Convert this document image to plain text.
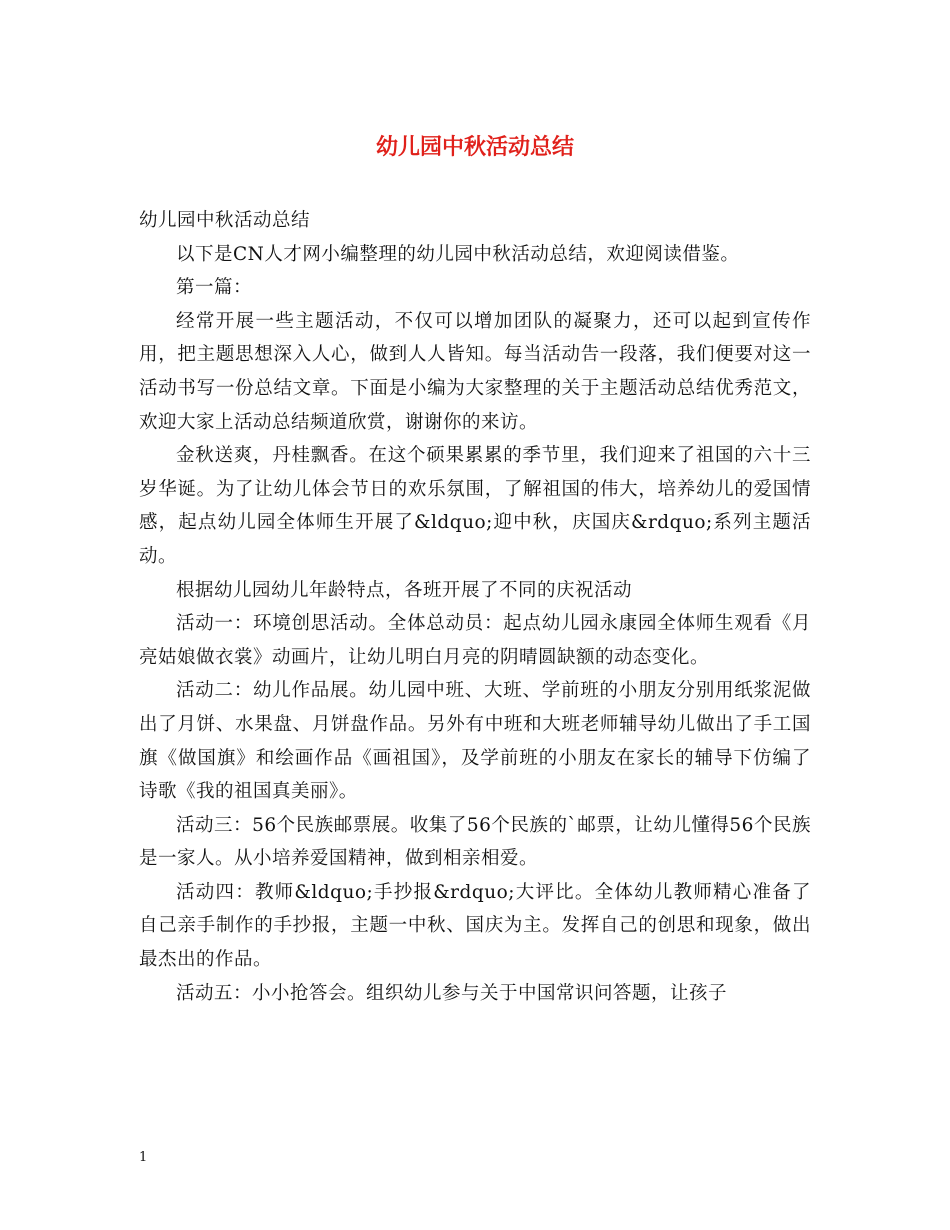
幼儿园中秋活动总结

幼儿园中秋活动总结

以下是CN人才网小编整理的幼儿园中秋活动总结，欢迎阅读借鉴。

第一篇：

经常开展一些主题活动，不仅可以增加团队的凝聚力，还可以起到宣传作用，把主题思想深入人心，做到人人皆知。每当活动告一段落，我们便要对这一活动书写一份总结文章。下面是小编为大家整理的关于主题活动总结优秀范文，欢迎大家上活动总结频道欣赏，谢谢你的来访。

金秋送爽，丹桂飘香。在这个硕果累累的季节里，我们迎来了祖国的六十三岁华诞。为了让幼儿体会节日的欢乐氛围，了解祖国的伟大，培养幼儿的爱国情感，起点幼儿园全体师生开展了&ldquo;迎中秋，庆国庆&rdquo;系列主题活动。

根据幼儿园幼儿年龄特点，各班开展了不同的庆祝活动

活动一：环境创思活动。全体总动员：起点幼儿园永康园全体师生观看《月亮姑娘做衣裳》动画片，让幼儿明白月亮的阴晴圆缺额的动态变化。

活动二：幼儿作品展。幼儿园中班、大班、学前班的小朋友分别用纸浆泥做出了月饼、水果盘、月饼盘作品。另外有中班和大班老师辅导幼儿做出了手工国旗《做国旗》和绘画作品《画祖国》，及学前班的小朋友在家长的辅导下仿编了诗歌《我的祖国真美丽》。

活动三：56个民族邮票展。收集了56个民族的`邮票，让幼儿懂得56个民族是一家人。从小培养爱国精神，做到相亲相爱。

活动四：教师&ldquo;手抄报&rdquo;大评比。全体幼儿教师精心准备了自己亲手制作的手抄报，主题一中秋、国庆为主。发挥自己的创思和现象，做出最杰出的作品。

活动五：小小抢答会。组织幼儿参与关于中国常识问答题，让孩子

1
